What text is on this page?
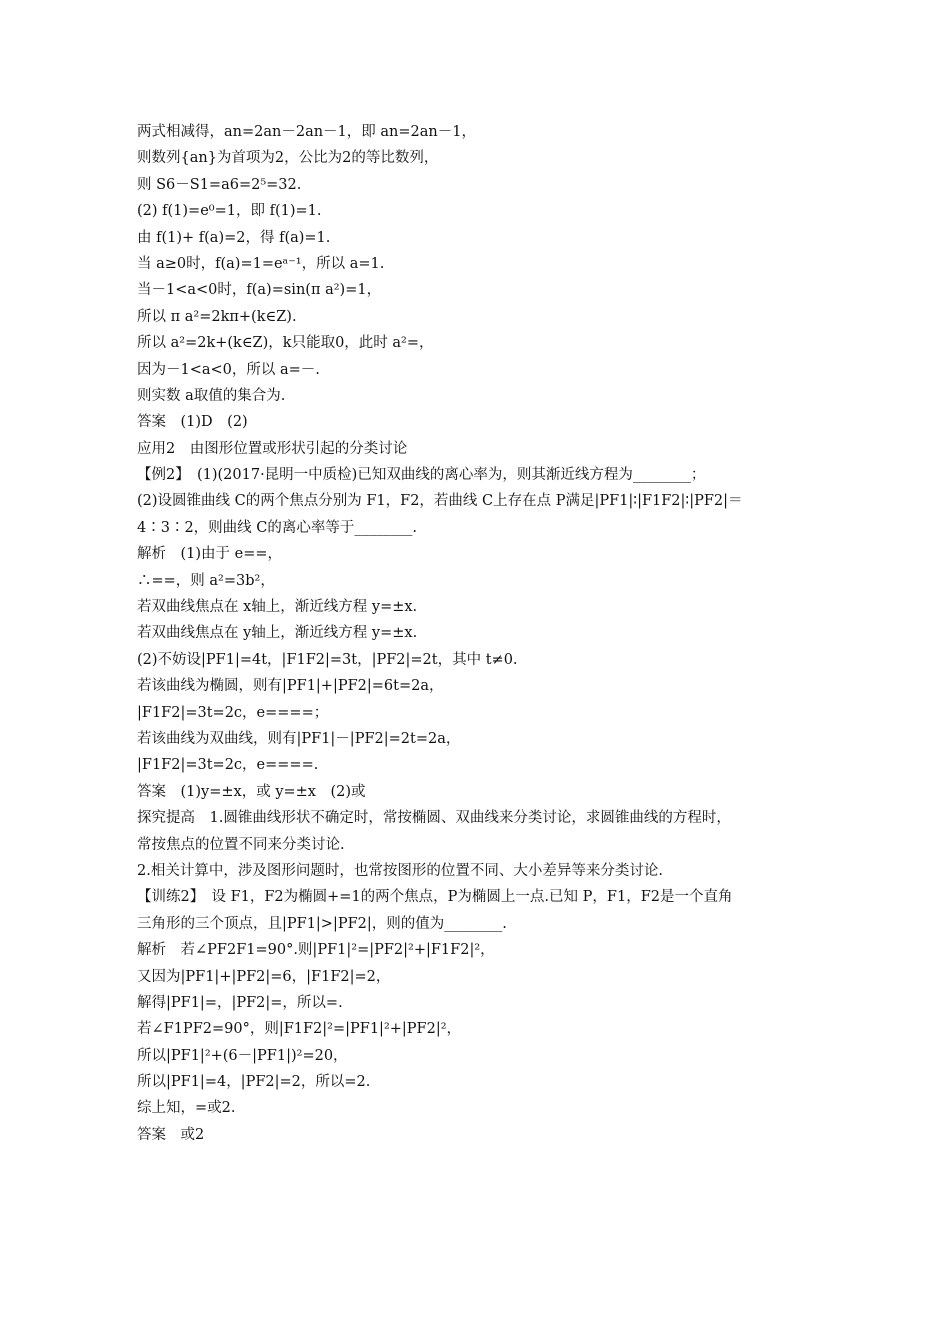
两式相减得，an=2an－2an－1，即 an=2an－1，
则数列{an}为首项为2，公比为2的等比数列，
则 S6－S1=a6=2⁵=32.
(2) f(1)=e⁰=1，即 f(1)=1.
由 f(1)+ f(a)=2，得 f(a)=1.
当 a≥0时，f(a)=1=eᵃ⁻¹，所以 a=1.
当－1<a<0时，f(a)=sin(π a²)=1，
所以 π a²=2kπ+(k∈Z).
所以 a²=2k+(k∈Z)，k只能取0，此时 a²=，
因为－1<a<0，所以 a=－.
则实数 a取值的集合为.
答案　(1)D　(2)
应用2　由图形位置或形状引起的分类讨论
【例2】　(1)(2017·昆明一中质检)已知双曲线的离心率为，则其渐近线方程为________；
(2)设圆锥曲线 C的两个焦点分别为 F1，F2，若曲线 C上存在点 P满足|PF1|∶|F1F2|∶|PF2|＝
4∶3∶2，则曲线 C的离心率等于________.
解析　(1)由于 e==，
∴==，则 a²=3b²，
若双曲线焦点在 x轴上，渐近线方程 y=±x.
若双曲线焦点在 y轴上，渐近线方程 y=±x.
(2)不妨设|PF1|=4t，|F1F2|=3t，|PF2|=2t，其中 t≠0.
若该曲线为椭圆，则有|PF1|+|PF2|=6t=2a，
|F1F2|=3t=2c，e====；
若该曲线为双曲线，则有|PF1|－|PF2|=2t=2a，
|F1F2|=3t=2c，e====.
答案　(1)y=±x，或 y=±x　(2)或
探究提高　1.圆锥曲线形状不确定时，常按椭圆、双曲线来分类讨论，求圆锥曲线的方程时，
常按焦点的位置不同来分类讨论.
2.相关计算中，涉及图形问题时，也常按图形的位置不同、大小差异等来分类讨论.
【训练2】　设 F1，F2为椭圆+=1的两个焦点，P为椭圆上一点.已知 P，F1，F2是一个直角
三角形的三个顶点，且|PF1|>|PF2|，则的值为________.
解析　若∠PF2F1=90°.则|PF1|²=|PF2|²+|F1F2|²，
又因为|PF1|+|PF2|=6，|F1F2|=2，
解得|PF1|=，|PF2|=，所以=.
若∠F1PF2=90°，则|F1F2|²=|PF1|²+|PF2|²，
所以|PF1|²+(6－|PF1|)²=20，
所以|PF1|=4，|PF2|=2，所以=2.
综上知，=或2.
答案　或2
